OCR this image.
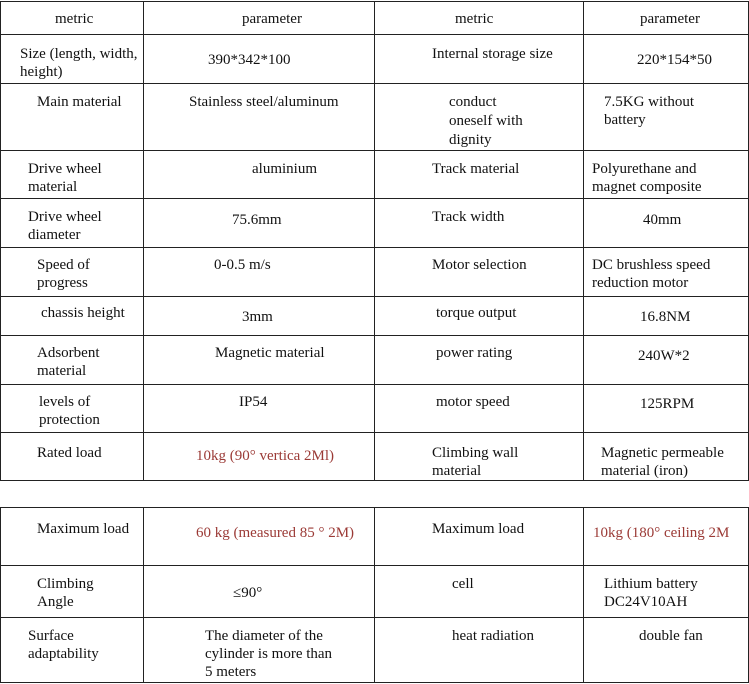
metric	parameter	metric	parameter

Size (length, width, height)	390*342*100	Internal storage size	220*154*50

Main material	Stainless steel/aluminum	conduct oneself with dignity	7.5KG without battery

Drive wheel material	aluminium	Track material	Polyurethane and magnet composite

Drive wheel diameter	75.6mm	Track width	40mm

Speed of progress	0-0.5 m/s	Motor selection	DC brushless speed reduction motor

chassis height	3mm	torque output	16.8NM

Adsorbent material	Magnetic material	power rating	240W*2

levels of protection	IP54	motor speed	125RPM

Rated load	10kg (90° vertica 2Ml)	Climbing wall material	Magnetic permeable material (iron)
Maximum load	60 kg (measured 85 ° 2M)	Maximum load	10kg (180° ceiling 2M

Climbing Angle	≤90°	cell	Lithium battery DC24V10AH

Surface adaptability	The diameter of the cylinder is more than 5 meters	heat radiation	double fan
